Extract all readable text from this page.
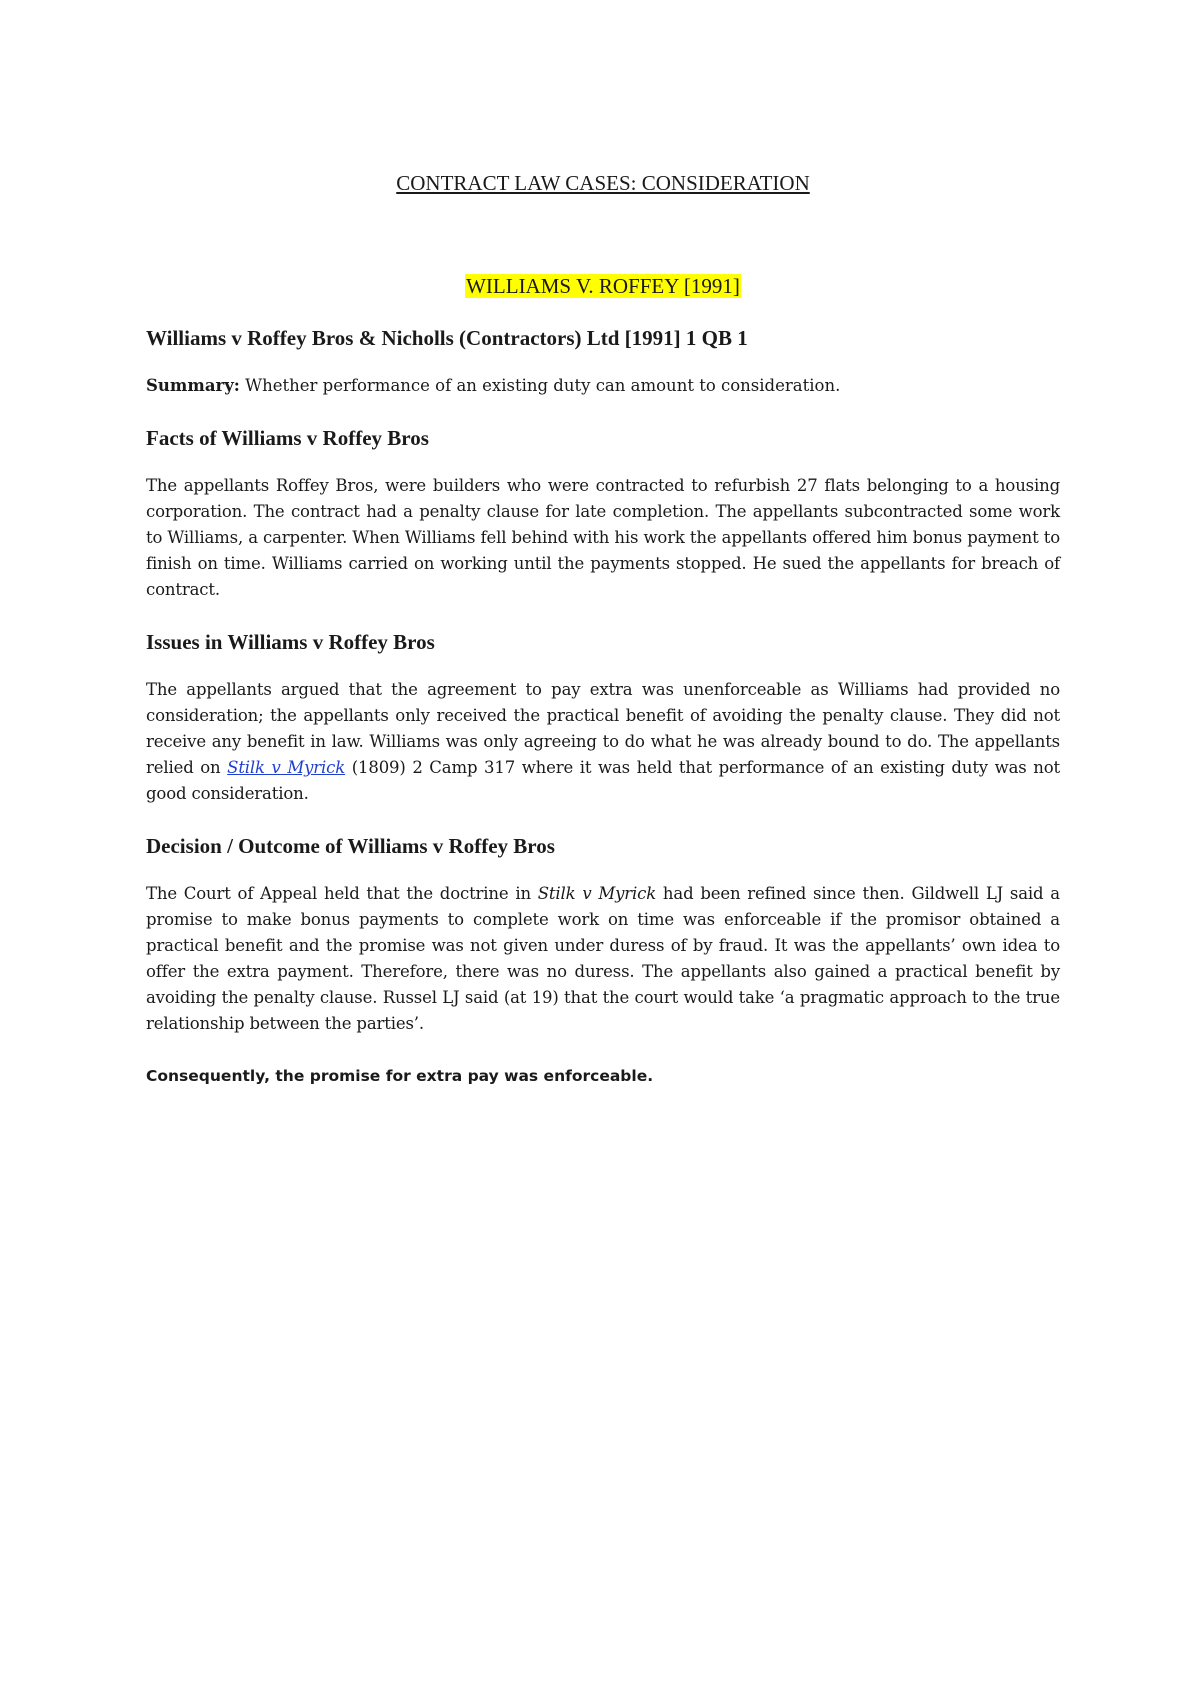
CONTRACT LAW CASES: CONSIDERATION
WILLIAMS V. ROFFEY [1991]
Williams v Roffey Bros & Nicholls (Contractors) Ltd [1991] 1 QB 1
Summary: Whether performance of an existing duty can amount to consideration.
Facts of Williams v Roffey Bros

The appellants Roffey Bros, were builders who were contracted to refurbish 27 flats belonging to a housing corporation. The contract had a penalty clause for late completion. The appellants subcontracted some work to Williams, a carpenter. When Williams fell behind with his work the appellants offered him bonus payment to finish on time. Williams carried on working until the payments stopped. He sued the appellants for breach of contract.

Issues in Williams v Roffey Bros

The appellants argued that the agreement to pay extra was unenforceable as Williams had provided no consideration; the appellants only received the practical benefit of avoiding the penalty clause. They did not receive any benefit in law. Williams was only agreeing to do what he was already bound to do. The appellants relied on Stilk v Myrick (1809) 2 Camp 317 where it was held that performance of an existing duty was not good consideration.

Decision / Outcome of Williams v Roffey Bros

The Court of Appeal held that the doctrine in Stilk v Myrick had been refined since then. Gildwell LJ said a promise to make bonus payments to complete work on time was enforceable if the promisor obtained a practical benefit and the promise was not given under duress of by fraud. It was the appellants’ own idea to offer the extra payment. Therefore, there was no duress. The appellants also gained a practical benefit by avoiding the penalty clause. Russel LJ said (at 19) that the court would take ‘a pragmatic approach to the true relationship between the parties’.

Consequently, the promise for extra pay was enforceable.
